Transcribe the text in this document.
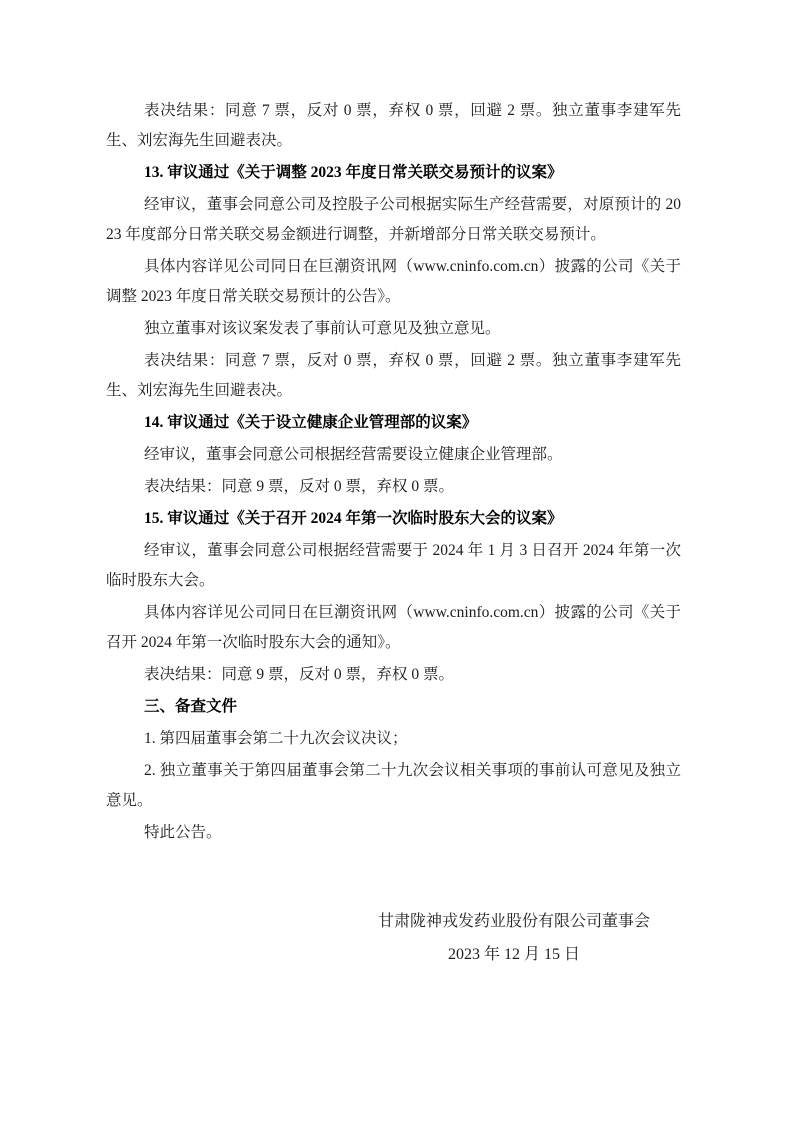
表决结果：同意 7 票，反对 0 票，弃权 0 票，回避 2 票。独立董事李建军先生、刘宏海先生回避表决。

13. 审议通过《关于调整 2023 年度日常关联交易预计的议案》

经审议，董事会同意公司及控股子公司根据实际生产经营需要，对原预计的 2023 年度部分日常关联交易金额进行调整，并新增部分日常关联交易预计。

具体内容详见公司同日在巨潮资讯网（www.cninfo.com.cn）披露的公司《关于调整 2023 年度日常关联交易预计的公告》。

独立董事对该议案发表了事前认可意见及独立意见。

表决结果：同意 7 票，反对 0 票，弃权 0 票，回避 2 票。独立董事李建军先生、刘宏海先生回避表决。

14. 审议通过《关于设立健康企业管理部的议案》

经审议，董事会同意公司根据经营需要设立健康企业管理部。

表决结果：同意 9 票，反对 0 票，弃权 0 票。

15. 审议通过《关于召开 2024 年第一次临时股东大会的议案》

经审议，董事会同意公司根据经营需要于 2024 年 1 月 3 日召开 2024 年第一次临时股东大会。

具体内容详见公司同日在巨潮资讯网（www.cninfo.com.cn）披露的公司《关于召开 2024 年第一次临时股东大会的通知》。

表决结果：同意 9 票，反对 0 票，弃权 0 票。

三、备查文件

1. 第四届董事会第二十九次会议决议；

2. 独立董事关于第四届董事会第二十九次会议相关事项的事前认可意见及独立意见。

特此公告。

甘肃陇神戎发药业股份有限公司董事会
2023 年 12 月 15 日
